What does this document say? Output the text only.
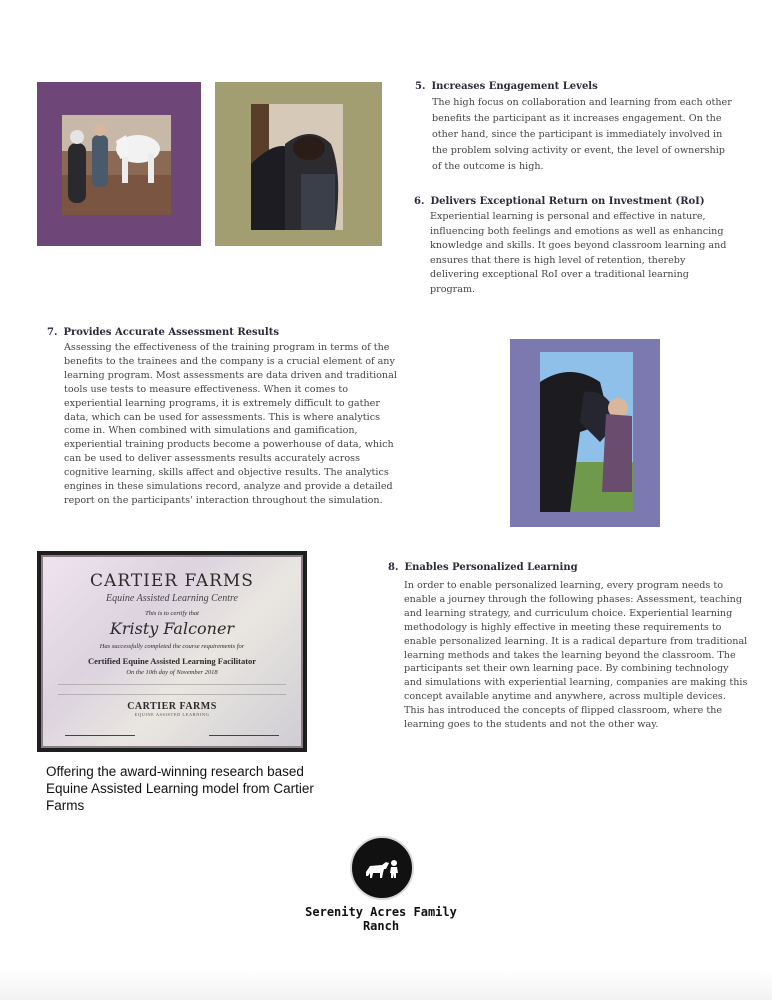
5. Increases Engagement Levels

The high focus on collaboration and learning from each other benefits the participant as it increases engagement. On the other hand, since the participant is immediately involved in the problem solving activity or event, the level of ownership of the outcome is high.

6. Delivers Exceptional Return on Investment (RoI)

Experiential learning is personal and effective in nature, influencing both feelings and emotions as well as enhancing knowledge and skills. It goes beyond classroom learning and ensures that there is high level of retention, thereby delivering exceptional RoI over a traditional learning program.

7. Provides Accurate Assessment Results

Assessing the effectiveness of the training program in terms of the benefits to the trainees and the company is a crucial element of any learning program. Most assessments are data driven and traditional tools use tests to measure effectiveness. When it comes to experiential learning programs, it is extremely difficult to gather data, which can be used for assessments. This is where analytics come in. When combined with simulations and gamification, experiential training products become a powerhouse of data, which can be used to deliver assessments results accurately across cognitive learning, skills affect and objective results. The analytics engines in these simulations record, analyze and provide a detailed report on the participants' interaction throughout the simulation.

CARTIER FARMS
Equine Assisted Learning Centre
This is to certify that
Kristy Falconer
Has successfully completed the course requirements for
Certified Equine Assisted Learning Facilitator
On the 10th day of November 2018
CARTIER FARMS
EQUINE ASSISTED LEARNING
Offering the award-winning research based Equine Assisted Learning model from Cartier Farms

8. Enables Personalized Learning

In order to enable personalized learning, every program needs to enable a journey through the following phases: Assessment, teaching and learning strategy, and curriculum choice. Experiential learning methodology is highly effective in meeting these requirements to enable personalized learning. It is a radical departure from traditional learning methods and takes the learning beyond the classroom. The participants set their own learning pace. By combining technology and simulations with experiential learning, companies are making this concept available anytime and anywhere, across multiple devices. This has introduced the concepts of flipped classroom, where the learning goes to the students and not the other way.

Serenity Acres Family Ranch
